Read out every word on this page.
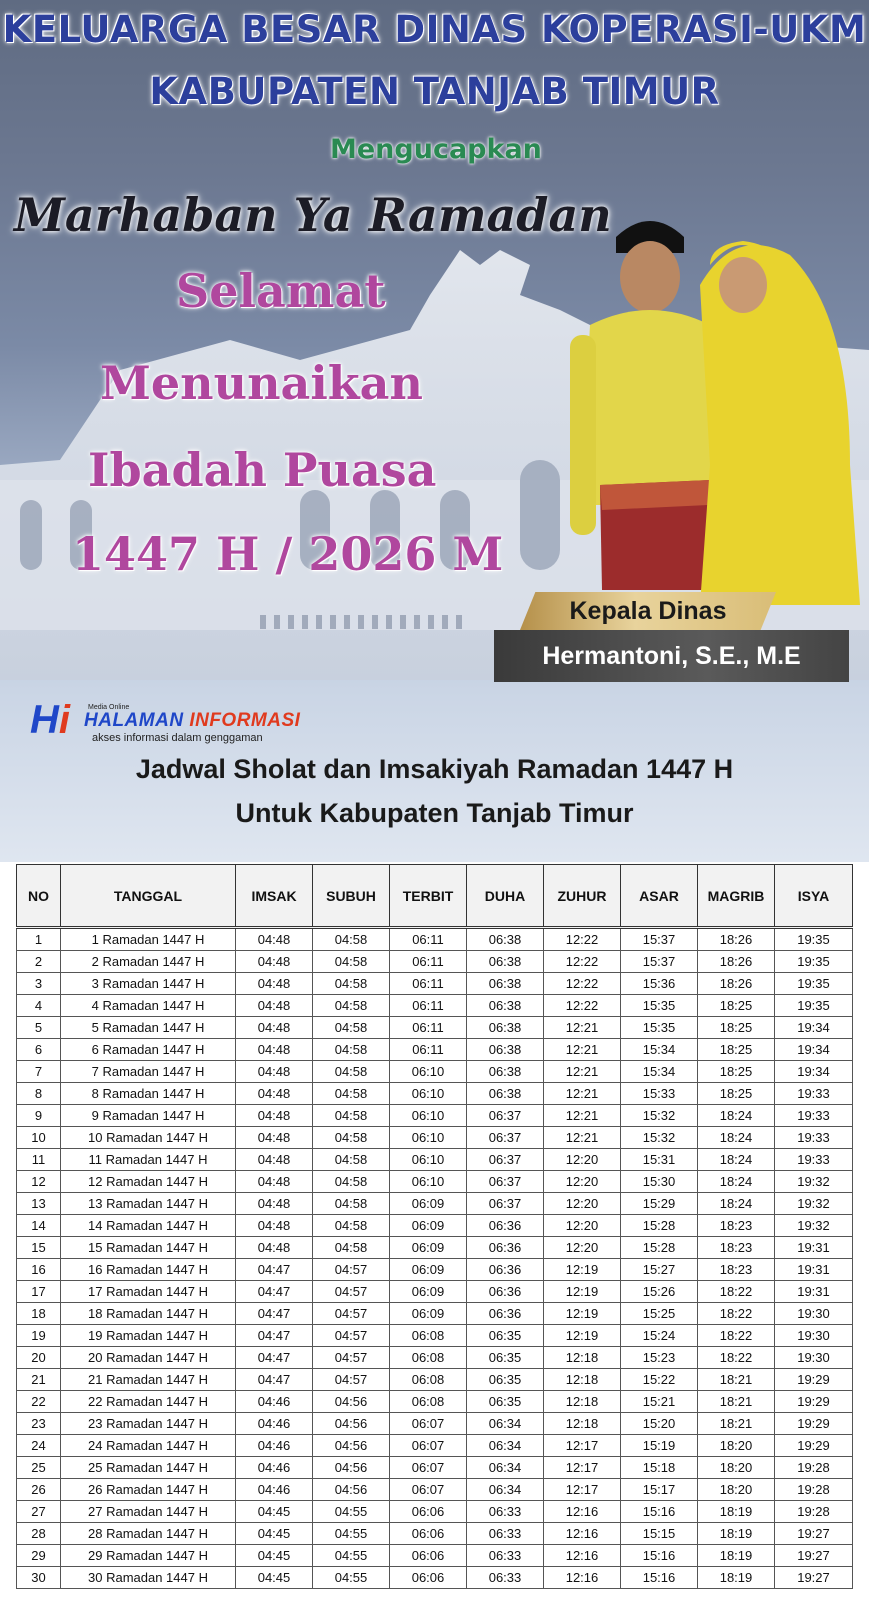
KELUARGA BESAR DINAS KOPERASI-UKM
KABUPATEN TANJAB TIMUR
Mengucapkan
Marhaban Ya Ramadan
Selamat
Menunaikan
Ibadah Puasa
1447 H / 2026 M
Kepala Dinas
Hermantoni, S.E., M.E
Hi	Media Online
HALAMAN INFORMASI
akses informasi dalam genggaman
Jadwal Sholat dan Imsakiyah Ramadan 1447 H
Untuk Kabupaten Tanjab Timur
NO	TANGGAL	IMSAK	SUBUH	TERBIT	DUHA	ZUHUR	ASAR	MAGRIB	ISYA
1	1 Ramadan 1447 H	04:48	04:58	06:11	06:38	12:22	15:37	18:26	19:35
2	2 Ramadan 1447 H	04:48	04:58	06:11	06:38	12:22	15:37	18:26	19:35
3	3 Ramadan 1447 H	04:48	04:58	06:11	06:38	12:22	15:36	18:26	19:35
4	4 Ramadan 1447 H	04:48	04:58	06:11	06:38	12:22	15:35	18:25	19:35
5	5 Ramadan 1447 H	04:48	04:58	06:11	06:38	12:21	15:35	18:25	19:34
6	6 Ramadan 1447 H	04:48	04:58	06:11	06:38	12:21	15:34	18:25	19:34
7	7 Ramadan 1447 H	04:48	04:58	06:10	06:38	12:21	15:34	18:25	19:34
8	8 Ramadan 1447 H	04:48	04:58	06:10	06:38	12:21	15:33	18:25	19:33
9	9 Ramadan 1447 H	04:48	04:58	06:10	06:37	12:21	15:32	18:24	19:33
10	10 Ramadan 1447 H	04:48	04:58	06:10	06:37	12:21	15:32	18:24	19:33
11	11 Ramadan 1447 H	04:48	04:58	06:10	06:37	12:20	15:31	18:24	19:33
12	12 Ramadan 1447 H	04:48	04:58	06:10	06:37	12:20	15:30	18:24	19:32
13	13 Ramadan 1447 H	04:48	04:58	06:09	06:37	12:20	15:29	18:24	19:32
14	14 Ramadan 1447 H	04:48	04:58	06:09	06:36	12:20	15:28	18:23	19:32
15	15 Ramadan 1447 H	04:48	04:58	06:09	06:36	12:20	15:28	18:23	19:31
16	16 Ramadan 1447 H	04:47	04:57	06:09	06:36	12:19	15:27	18:23	19:31
17	17 Ramadan 1447 H	04:47	04:57	06:09	06:36	12:19	15:26	18:22	19:31
18	18 Ramadan 1447 H	04:47	04:57	06:09	06:36	12:19	15:25	18:22	19:30
19	19 Ramadan 1447 H	04:47	04:57	06:08	06:35	12:19	15:24	18:22	19:30
20	20 Ramadan 1447 H	04:47	04:57	06:08	06:35	12:18	15:23	18:22	19:30
21	21 Ramadan 1447 H	04:47	04:57	06:08	06:35	12:18	15:22	18:21	19:29
22	22 Ramadan 1447 H	04:46	04:56	06:08	06:35	12:18	15:21	18:21	19:29
23	23 Ramadan 1447 H	04:46	04:56	06:07	06:34	12:18	15:20	18:21	19:29
24	24 Ramadan 1447 H	04:46	04:56	06:07	06:34	12:17	15:19	18:20	19:29
25	25 Ramadan 1447 H	04:46	04:56	06:07	06:34	12:17	15:18	18:20	19:28
26	26 Ramadan 1447 H	04:46	04:56	06:07	06:34	12:17	15:17	18:20	19:28
27	27 Ramadan 1447 H	04:45	04:55	06:06	06:33	12:16	15:16	18:19	19:28
28	28 Ramadan 1447 H	04:45	04:55	06:06	06:33	12:16	15:15	18:19	19:27
29	29 Ramadan 1447 H	04:45	04:55	06:06	06:33	12:16	15:16	18:19	19:27
30	30 Ramadan 1447 H	04:45	04:55	06:06	06:33	12:16	15:16	18:19	19:27
